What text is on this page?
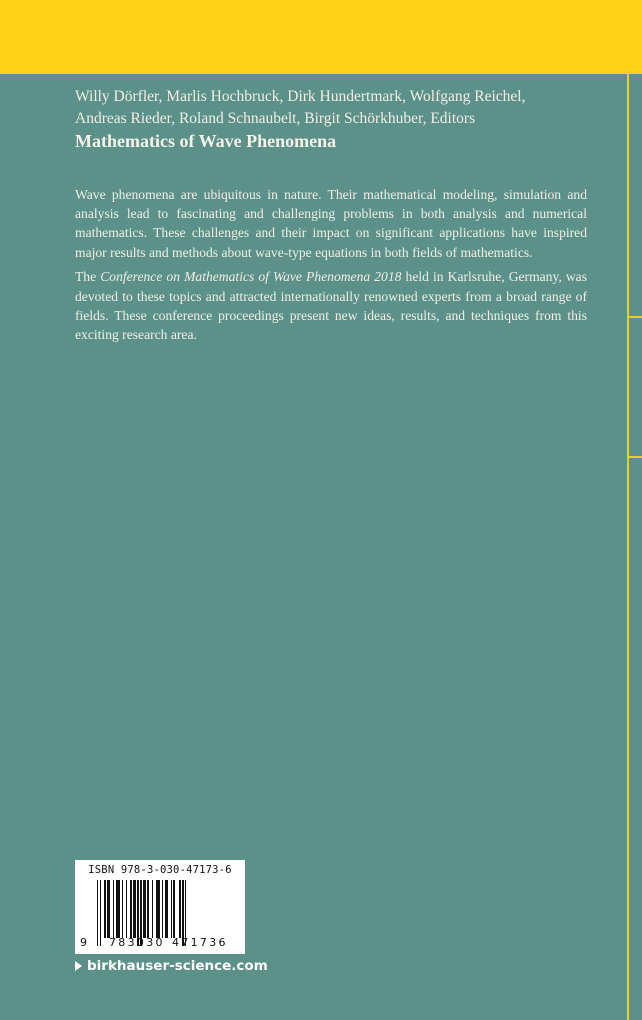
Willy Dörfler, Marlis Hochbruck, Dirk Hundertmark, Wolfgang Reichel,
Andreas Rieder, Roland Schnaubelt, Birgit Schörkhuber, Editors
Mathematics of Wave Phenomena

Wave phenomena are ubiquitous in nature. Their mathematical modeling, simulation and analysis lead to fascinating and challenging problems in both analysis and numerical mathematics. These challenges and their impact on significant applications have inspired major results and methods about wave-type equations in both fields of mathematics.

The Conference on Mathematics of Wave Phenomena 2018 held in Karlsruhe, Germany, was devoted to these topics and attracted internationally renowned experts from a broad range of fields. These conference proceedings present new ideas, results, and techniques from this exciting research area.

ISBN 978-3-030-47173-6
9 783030 471736
birkhauser-science.com
